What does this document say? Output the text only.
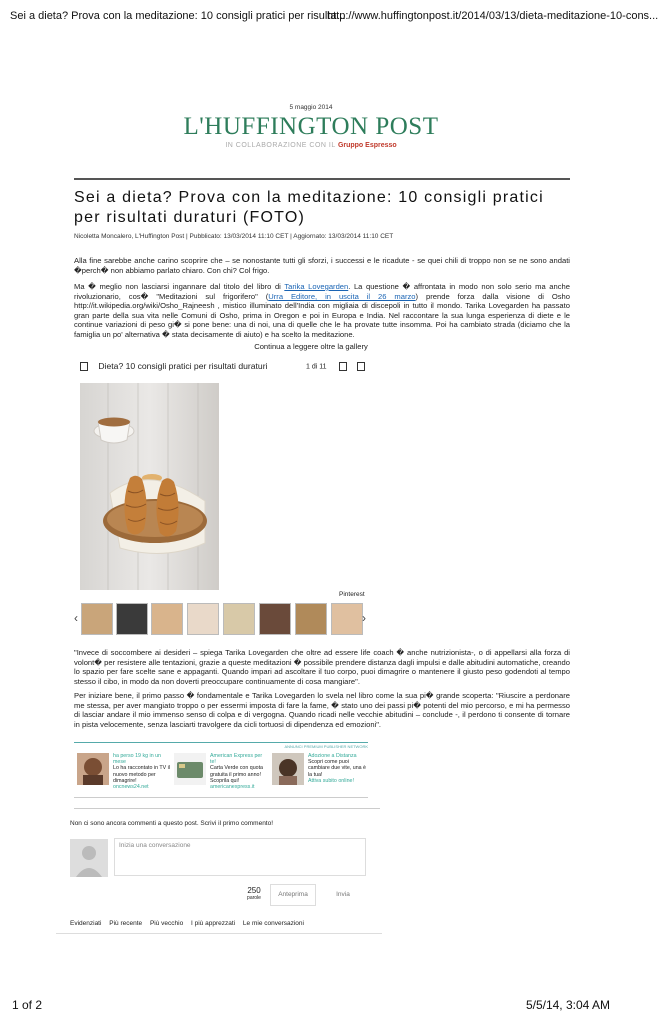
Sei a dieta? Prova con la meditazione: 10 consigli pratici per risulta...
http://www.huffingtonpost.it/2014/03/13/dieta-meditazione-10-cons...
5 maggio 2014
L'HUFFINGTON POST
IN COLLABORAZIONE CON IL Gruppo Espresso
Sei a dieta? Prova con la meditazione: 10 consigli pratici per risultati duraturi (FOTO)
Nicoletta Moncalero, L'Huffington Post | Pubblicato: 13/03/2014 11:10 CET | Aggiornato: 13/03/2014 11:10 CET
Alla fine sarebbe anche carino scoprire che – se nonostante tutti gli sforzi, i successi e le ricadute - se quei chili di troppo non se ne sono andati �perch� non abbiamo parlato chiaro. Con chi? Col frigo.
Ma � meglio non lasciarsi ingannare dal titolo del libro di Tarika Lovegarden. La questione � affrontata in modo non solo serio ma anche rivoluzionario, cos� "Meditazioni sul frigorifero" (Urra Editore, in uscita il 26 marzo) prende forza dalla visione di Osho http://it.wikipedia.org/wiki/Osho_Rajneesh , mistico illuminato dell'India con migliaia di discepoli in tutto il mondo. Tarika Lovegarden ha passato gran parte della sua vita nelle Comuni di Osho, prima in Oregon e poi in Europa e India. Nel raccontare la sua lunga esperienza di diete e le continue variazioni di peso gi� si pone bene: una di noi, una di quelle che le ha provate tutte insomma. Poi ha cambiato strada (diciamo che la famiglia un po' alternativa � stata decisamente di aiuto) e ha scelto la meditazione.
Continua a leggere oltre la gallery
Dieta? 10 consigli pratici per risultati duraturi	1 di 11
Pinterest
‹	›
"Invece di soccombere ai desideri – spiega Tarika Lovegarden che oltre ad essere life coach � anche nutrizionista-, o di appellarsi alla forza di volont� per resistere alle tentazioni, grazie a queste meditazioni � possibile prendere distanza dagli impulsi e dalle abitudini automatiche, creando lo spazio per fare scelte sane e appaganti. Quando impari ad ascoltare il tuo corpo, puoi dimagrire o mantenere il giusto peso godendoti al tempo stesso il cibo, in modo da non doverti preoccupare continuamente di cosa mangiare".
Per iniziare bene, il primo passo � fondamentale e Tarika Lovegarden lo svela nel libro come la sua pi� grande scoperta: "Riuscire a perdonare me stessa, per aver mangiato troppo o per essermi imposta di fare la fame, � stato uno dei passi pi� potenti del mio percorso, e mi ha permesso di lasciar andare il mio immenso senso di colpa e di vergogna. Quando ricadi nelle vecchie abitudini – conclude -, il perdono ti consente di tornare in pista velocemente, senza lasciarti travolgere da cicli tortuosi di dipendenza ed emozioni".
ANNUNCI PREMIUM PUBLISHER NETWORK
ha perso 19 kg in un mese
Lo ha raccontato in TV il nuovo metodo per dimagrire!
oncnews24.net
American Express per te!
Carta Verde con quota gratuita il primo anno! Scoprila qui!
americanexpress.it
Adozione a Distanza
Scopri come puoi cambiare due vite, una è la tua!
Attiva subito online!
Non ci sono ancora commenti a questo post. Scrivi il primo commento!
Inizia una conversazione
250
parole	Anteprima	Invia
Evidenziati Più recente Più vecchio I più apprezzati Le mie conversazioni
1 of 2	5/5/14, 3:04 AM
